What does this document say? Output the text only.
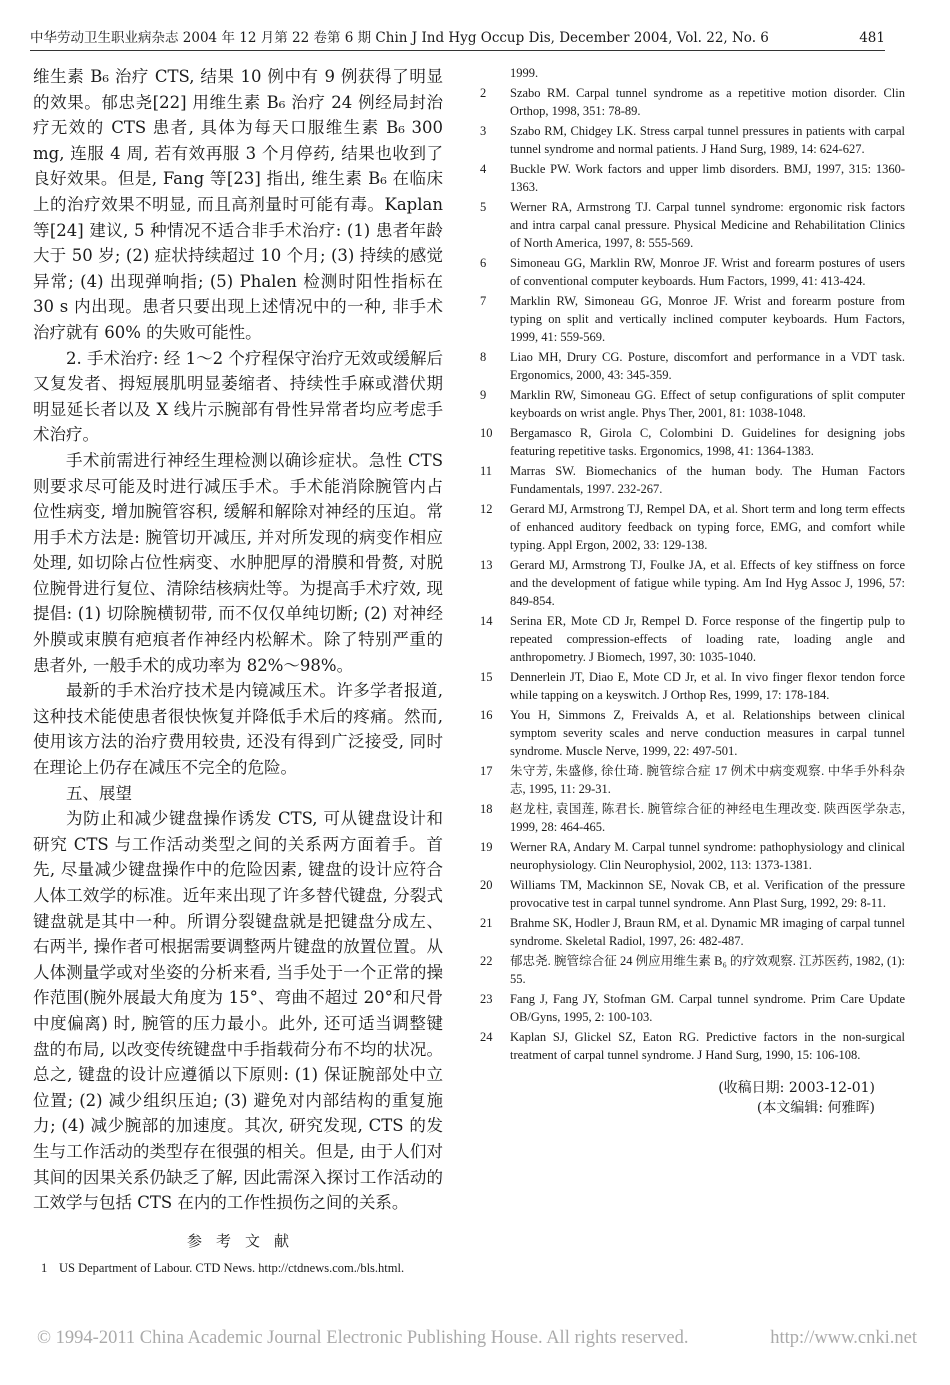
中华劳动卫生职业病杂志 2004 年 12 月第 22 卷第 6 期 Chin J Ind Hyg Occup Dis, December 2004, Vol. 22, No. 6	481

维生素 B₆ 治疗 CTS, 结果 10 例中有 9 例获得了明显的效果。郁忠尧[22] 用维生素 B₆ 治疗 24 例经局封治疗无效的 CTS 患者, 具体为每天口服维生素 B₆ 300 mg, 连服 4 周, 若有效再服 3 个月停药, 结果也收到了良好效果。但是, Fang 等[23] 指出, 维生素 B₆ 在临床上的治疗效果不明显, 而且高剂量时可能有毒。Kaplan 等[24] 建议, 5 种情况不适合非手术治疗: (1) 患者年龄大于 50 岁; (2) 症状持续超过 10 个月; (3) 持续的感觉异常; (4) 出现弹响指; (5) Phalen 检测时阳性指标在 30 s 内出现。患者只要出现上述情况中的一种, 非手术治疗就有 60% 的失败可能性。

2. 手术治疗: 经 1～2 个疗程保守治疗无效或缓解后又复发者、拇短展肌明显萎缩者、持续性手麻或潜伏期明显延长者以及 X 线片示腕部有骨性异常者均应考虑手术治疗。

手术前需进行神经生理检测以确诊症状。急性 CTS 则要求尽可能及时进行减压手术。手术能消除腕管内占位性病变, 增加腕管容积, 缓解和解除对神经的压迫。常用手术方法是: 腕管切开减压, 并对所发现的病变作相应处理, 如切除占位性病变、水肿肥厚的滑膜和骨赘, 对脱位腕骨进行复位、清除结核病灶等。为提高手术疗效, 现提倡: (1) 切除腕横韧带, 而不仅仅单纯切断; (2) 对神经外膜或束膜有疤痕者作神经内松解术。除了特别严重的患者外, 一般手术的成功率为 82%～98%。

最新的手术治疗技术是内镜减压术。许多学者报道, 这种技术能使患者很快恢复并降低手术后的疼痛。然而, 使用该方法的治疗费用较贵, 还没有得到广泛接受, 同时在理论上仍存在减压不完全的危险。

五、展望

为防止和减少键盘操作诱发 CTS, 可从键盘设计和研究 CTS 与工作活动类型之间的关系两方面着手。首先, 尽量减少键盘操作中的危险因素, 键盘的设计应符合人体工效学的标准。近年来出现了许多替代键盘, 分裂式键盘就是其中一种。所谓分裂键盘就是把键盘分成左、右两半, 操作者可根据需要调整两片键盘的放置位置。从人体测量学或对坐姿的分析来看, 当手处于一个正常的操作范围(腕外展最大角度为 15°、弯曲不超过 20°和尺骨中度偏离) 时, 腕管的压力最小。此外, 还可适当调整键盘的布局, 以改变传统键盘中手指载荷分布不均的状况。总之, 键盘的设计应遵循以下原则: (1) 保证腕部处中立位置; (2) 减少组织压迫; (3) 避免对内部结构的重复施力; (4) 减少腕部的加速度。其次, 研究发现, CTS 的发生与工作活动的类型存在很强的相关。但是, 由于人们对其间的因果关系仍缺乏了解, 因此需深入探讨工作活动的工效学与包括 CTS 在内的工作性损伤之间的关系。

参考文献
1 US Department of Labour. CTD News. http://ctdnews.com./bls.html.
1999.
2	Szabo RM. Carpal tunnel syndrome as a repetitive motion disorder. Clin Orthop, 1998, 351: 78-89.
3	Szabo RM, Chidgey LK. Stress carpal tunnel pressures in patients with carpal tunnel syndrome and normal patients. J Hand Surg, 1989, 14: 624-627.
4	Buckle PW. Work factors and upper limb disorders. BMJ, 1997, 315: 1360-1363.
5	Werner RA, Armstrong TJ. Carpal tunnel syndrome: ergonomic risk factors and intra carpal canal pressure. Physical Medicine and Rehabilitation Clinics of North America, 1997, 8: 555-569.
6	Simoneau GG, Marklin RW, Monroe JF. Wrist and forearm postures of users of conventional computer keyboards. Hum Factors, 1999, 41: 413-424.
7	Marklin RW, Simoneau GG, Monroe JF. Wrist and forearm posture from typing on split and vertically inclined computer keyboards. Hum Factors, 1999, 41: 559-569.
8	Liao MH, Drury CG. Posture, discomfort and performance in a VDT task. Ergonomics, 2000, 43: 345-359.
9	Marklin RW, Simoneau GG. Effect of setup configurations of split computer keyboards on wrist angle. Phys Ther, 2001, 81: 1038-1048.
10	Bergamasco R, Girola C, Colombini D. Guidelines for designing jobs featuring repetitive tasks. Ergonomics, 1998, 41: 1364-1383.
11	Marras SW. Biomechanics of the human body. The Human Factors Fundamentals, 1997. 232-267.
12	Gerard MJ, Armstrong TJ, Rempel DA, et al. Short term and long term effects of enhanced auditory feedback on typing force, EMG, and comfort while typing. Appl Ergon, 2002, 33: 129-138.
13	Gerard MJ, Armstrong TJ, Foulke JA, et al. Effects of key stiffness on force and the development of fatigue while typing. Am Ind Hyg Assoc J, 1996, 57: 849-854.
14	Serina ER, Mote CD Jr, Rempel D. Force response of the fingertip pulp to repeated compression-effects of loading rate, loading angle and anthropometry. J Biomech, 1997, 30: 1035-1040.
15	Dennerlein JT, Diao E, Mote CD Jr, et al. In vivo finger flexor tendon force while tapping on a keyswitch. J Orthop Res, 1999, 17: 178-184.
16	You H, Simmons Z, Freivalds A, et al. Relationships between clinical symptom severity scales and nerve conduction measures in carpal tunnel syndrome. Muscle Nerve, 1999, 22: 497-501.
17	朱守芳, 朱盛修, 徐仕琦. 腕管综合症 17 例术中病变观察. 中华手外科杂志, 1995, 11: 29-31.
18	赵龙柱, 袁国莲, 陈君长. 腕管综合征的神经电生理改变. 陕西医学杂志, 1999, 28: 464-465.
19	Werner RA, Andary M. Carpal tunnel syndrome: pathophysiology and clinical neurophysiology. Clin Neurophysiol, 2002, 113: 1373-1381.
20	Williams TM, Mackinnon SE, Novak CB, et al. Verification of the pressure provocative test in carpal tunnel syndrome. Ann Plast Surg, 1992, 29: 8-11.
21	Brahme SK, Hodler J, Braun RM, et al. Dynamic MR imaging of carpal tunnel syndrome. Skeletal Radiol, 1997, 26: 482-487.
22	郁忠尧. 腕管综合征 24 例应用维生素 B₆ 的疗效观察. 江苏医药, 1982, (1): 55.
23	Fang J, Fang JY, Stofman GM. Carpal tunnel syndrome. Prim Care Update OB/Gyns, 1995, 2: 100-103.
24	Kaplan SJ, Glickel SZ, Eaton RG. Predictive factors in the non-surgical treatment of carpal tunnel syndrome. J Hand Surg, 1990, 15: 106-108.
(收稿日期: 2003-12-01)
(本文编辑: 何雅晖)
© 1994-2011 China Academic Journal Electronic Publishing House. All rights reserved.	http://www.cnki.net
